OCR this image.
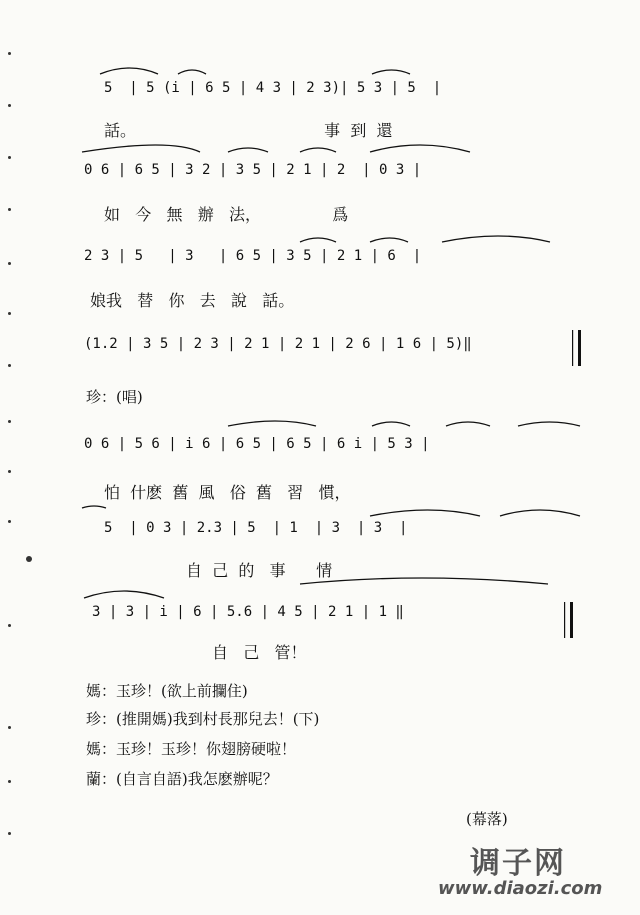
5  | 5 (i | 6 5 | 4 3 | 2 3)| 5 3 | 5  |
話。                                     事  到  還
0 6 | 6 5 | 3 2 | 3 5 | 2 1 | 2  | 0 3 |
如   今   無   辦   法，              爲
2 3 | 5   | 3   | 6 5 | 3 5 | 2 1 | 6  |
娘我   替   你   去   說   話。
(1.2 | 3 5 | 2 3 | 2 1 | 2 1 | 2 6 | 1 6 | 5)‖
珍：(唱)
0 6 | 5 6 | i 6 | 6 5 | 6 5 | 6 i | 5 3 |
怕  什麽  舊  風   俗  舊   習   慣，
5  | 0 3 | 2.3 | 5  | 1  | 3  | 3  |
自  己  的   事      情
3 | 3 | i | 6 | 5.6 | 4 5 | 2 1 | 1 ‖
自   己   管！
媽：玉珍！(欲上前攔住)
珍：(推開媽)我到村長那兒去！(下)
媽：玉珍！玉珍！你翅膀硬啦！
蘭：(自言自語)我怎麽辦呢？
(幕落)
调子网
www.diaozi.com
